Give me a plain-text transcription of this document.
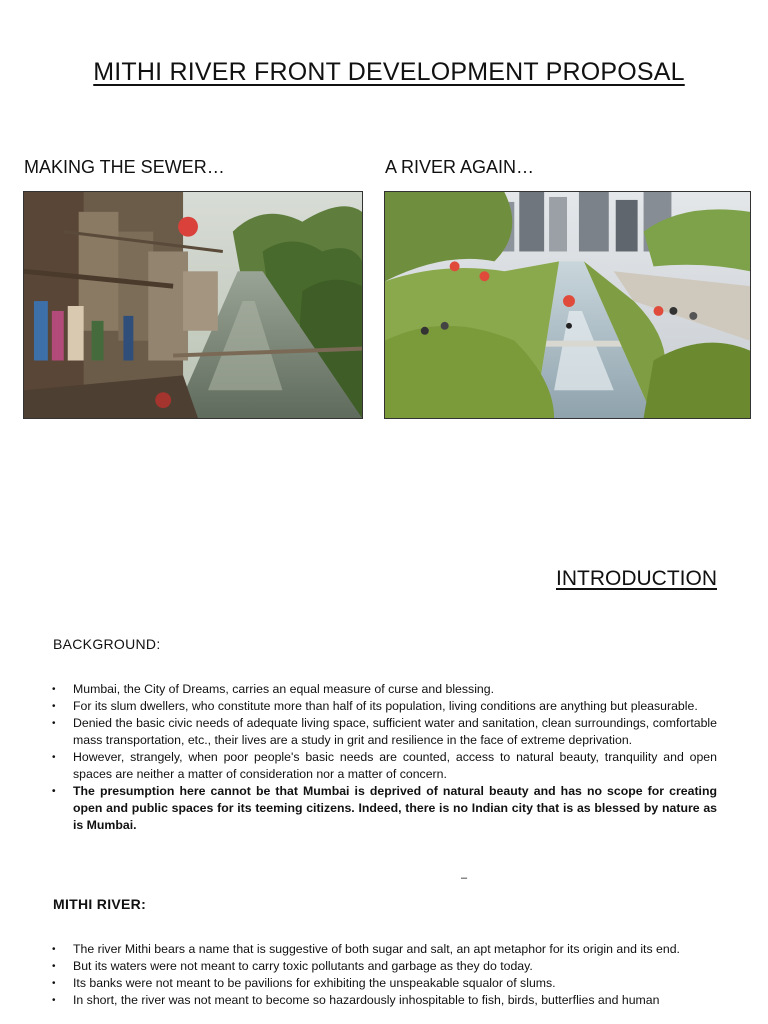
MITHI RIVER FRONT DEVELOPMENT PROPOSAL
MAKING THE SEWER…	A RIVER AGAIN…
INTRODUCTION
BACKGROUND:
• Mumbai, the City of Dreams, carries an equal measure of curse and blessing.
• For its slum dwellers, who constitute more than half of its population, living conditions are anything but pleasurable.
• Denied the basic civic needs of adequate living space, sufficient water and sanitation, clean surroundings, comfortable mass transportation, etc., their lives are a study in grit and resilience in the face of extreme deprivation.
• However, strangely, when poor people's basic needs are counted, access to natural beauty, tranquility and open spaces are neither a matter of consideration nor a matter of concern.
• The presumption here cannot be that Mumbai is deprived of natural beauty and has no scope for creating open and public spaces for its teeming citizens. Indeed, there is no Indian city that is as blessed by nature as is Mumbai.
–
MITHI RIVER:
• The river Mithi bears a name that is suggestive of both sugar and salt, an apt metaphor for its origin and its end.
• But its waters were not meant to carry toxic pollutants and garbage as they do today.
• Its banks were not meant to be pavilions for exhibiting the unspeakable squalor of slums.
• In short, the river was not meant to become so hazardously inhospitable to fish, birds, butterflies and human
